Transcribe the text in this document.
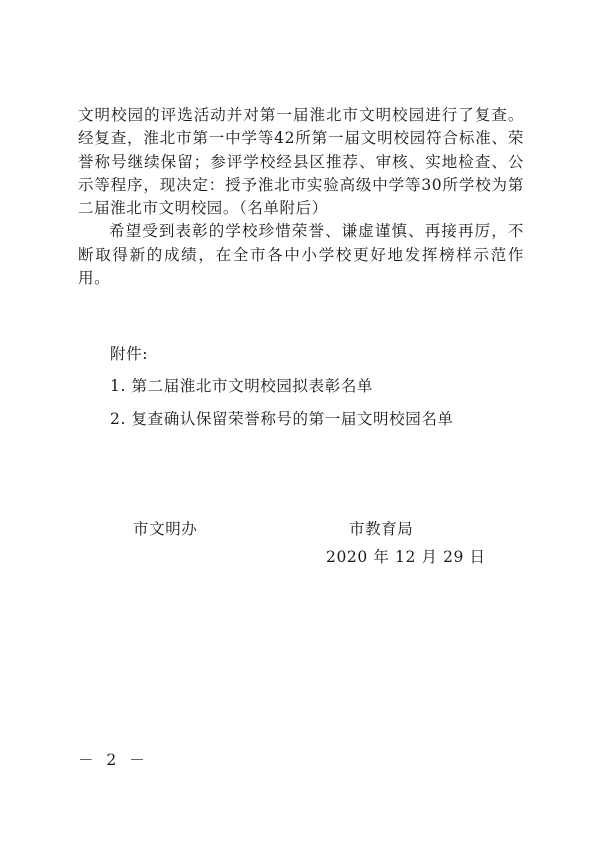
文明校园的评选活动并对第一届淮北市文明校园进行了复查。经复查，淮北市第一中学等42所第一届文明校园符合标准、荣誉称号继续保留；参评学校经县区推荐、审核、实地检查、公示等程序，现决定：授予淮北市实验高级中学等30所学校为第二届淮北市文明校园。（名单附后）

希望受到表彰的学校珍惜荣誉、谦虚谨慎、再接再厉，不断取得新的成绩，在全市各中小学校更好地发挥榜样示范作用。

附件:
1. 第二届淮北市文明校园拟表彰名单
2. 复查确认保留荣誉称号的第一届文明校园名单
市文明办	市教育局
2020 年 12 月 29 日
－ 2 －
